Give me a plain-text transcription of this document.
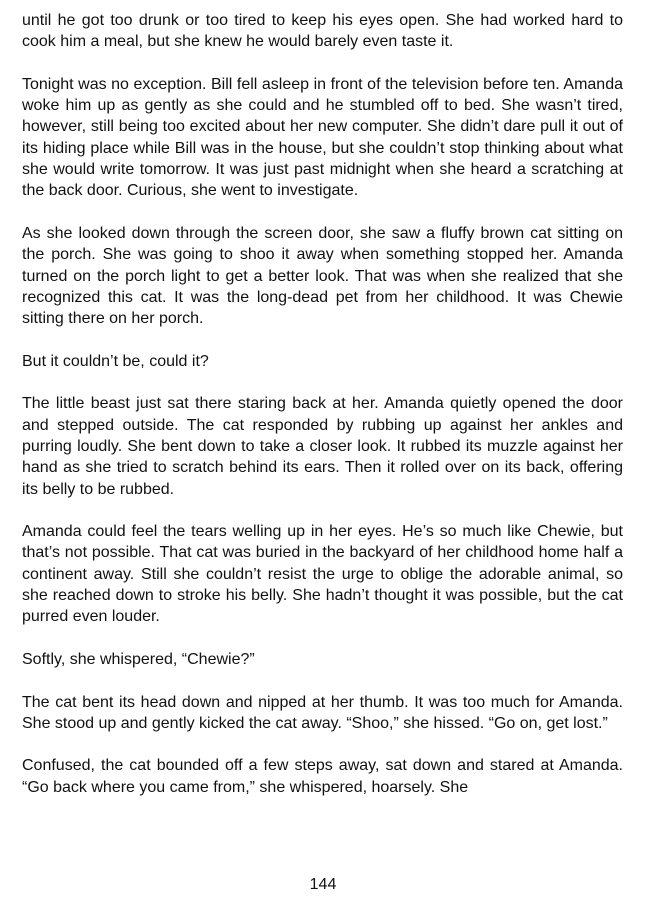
until he got too drunk or too tired to keep his eyes open. She had worked hard to cook him a meal, but she knew he would barely even taste it.

Tonight was no exception. Bill fell asleep in front of the television before ten. Amanda woke him up as gently as she could and he stumbled off to bed. She wasn’t tired, however, still being too excited about her new computer. She didn’t dare pull it out of its hiding place while Bill was in the house, but she couldn’t stop thinking about what she would write tomorrow. It was just past midnight when she heard a scratching at the back door. Curious, she went to investigate.

As she looked down through the screen door, she saw a fluffy brown cat sitting on the porch. She was going to shoo it away when something stopped her. Amanda turned on the porch light to get a better look. That was when she realized that she recognized this cat. It was the long-dead pet from her childhood. It was Chewie sitting there on her porch.

But it couldn’t be, could it?

The little beast just sat there staring back at her. Amanda quietly opened the door and stepped outside. The cat responded by rubbing up against her ankles and purring loudly. She bent down to take a closer look. It rubbed its muzzle against her hand as she tried to scratch behind its ears. Then it rolled over on its back, offering its belly to be rubbed.

Amanda could feel the tears welling up in her eyes. He’s so much like Chewie, but that’s not possible. That cat was buried in the backyard of her childhood home half a continent away. Still she couldn’t resist the urge to oblige the adorable animal, so she reached down to stroke his belly. She hadn’t thought it was possible, but the cat purred even louder.

Softly, she whispered, “Chewie?”

The cat bent its head down and nipped at her thumb. It was too much for Amanda. She stood up and gently kicked the cat away. “Shoo,” she hissed. “Go on, get lost.”

Confused, the cat bounded off a few steps away, sat down and stared at Amanda. “Go back where you came from,” she whispered, hoarsely. She

144
